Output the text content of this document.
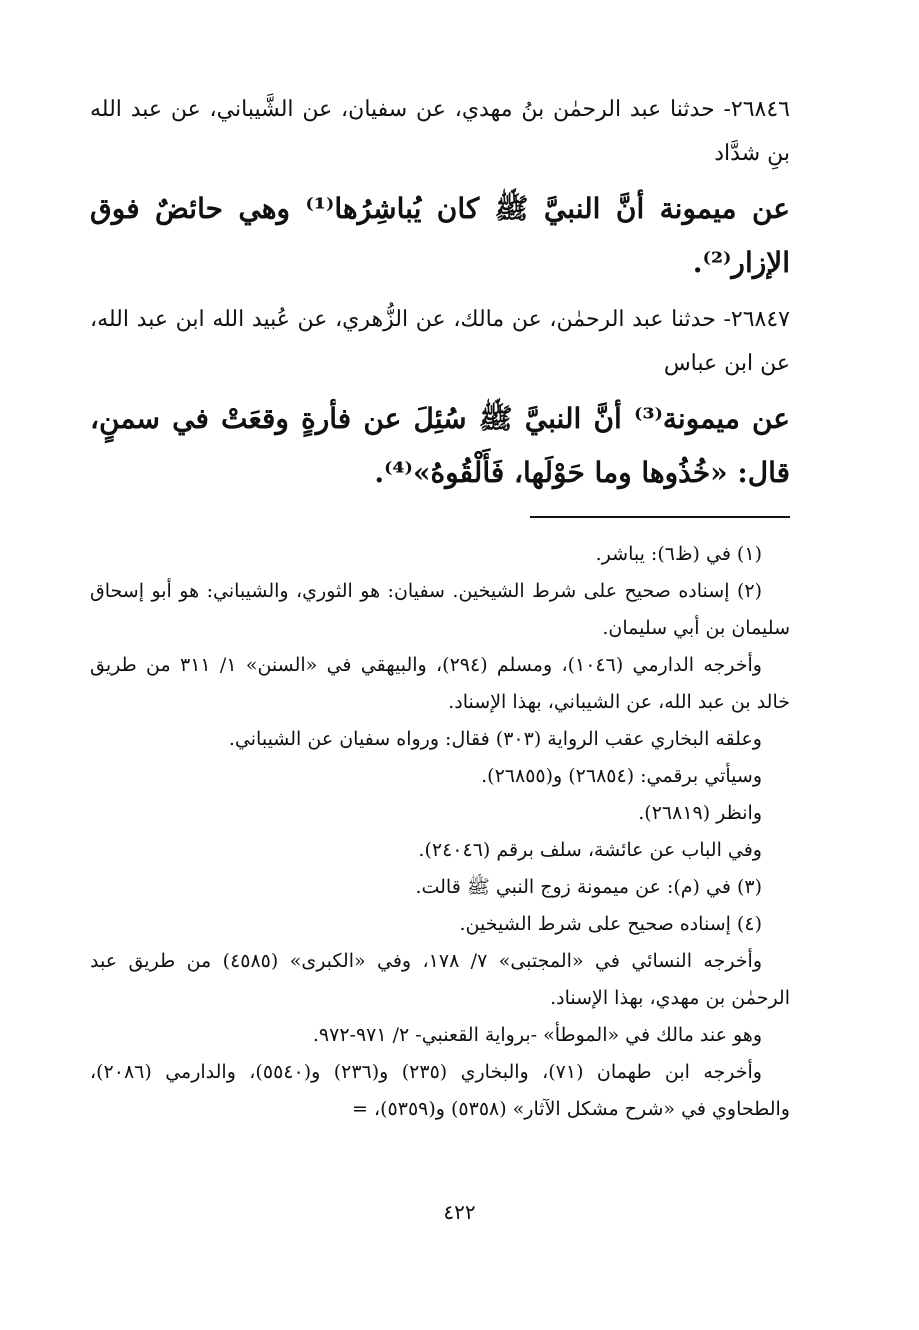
٢٦٨٤٦- حدثنا عبد الرحمٰن بنُ مهدي، عن سفيان، عن الشَّيباني، عن عبد الله بنِ شدَّاد

عن ميمونة أنَّ النبيَّ ﷺ كان يُباشِرُها⁽¹⁾ وهي حائضٌ فوق الإزار⁽²⁾.

٢٦٨٤٧- حدثنا عبد الرحمٰن، عن مالك، عن الزُّهري، عن عُبيد الله ابن عبد الله، عن ابن عباس

عن ميمونة⁽³⁾ أنَّ النبيَّ ﷺ سُئِلَ عن فأرةٍ وقعَتْ في سمنٍ، قال: «خُذُوها وما حَوْلَها، فَأَلْقُوهُ»⁽⁴⁾.

(١) في (ظ٦): يباشر.

(٢) إسناده صحيح على شرط الشيخين. سفيان: هو الثوري، والشيباني: هو أبو إسحاق سليمان بن أبي سليمان.

وأخرجه الدارمي (١٠٤٦)، ومسلم (٢٩٤)، والبيهقي في «السنن» ١/ ٣١١ من طريق خالد بن عبد الله، عن الشيباني، بهذا الإسناد.

وعلقه البخاري عقب الرواية (٣٠٣) فقال: ورواه سفيان عن الشيباني.

وسيأتي برقمي: (٢٦٨٥٤) و(٢٦٨٥٥).

وانظر (٢٦٨١٩).

وفي الباب عن عائشة، سلف برقم (٢٤٠٤٦).

(٣) في (م): عن ميمونة زوج النبي ﷺ قالت.

(٤) إسناده صحيح على شرط الشيخين.

وأخرجه النسائي في «المجتبى» ٧/ ١٧٨، وفي «الكبرى» (٤٥٨٥) من طريق عبد الرحمٰن بن مهدي، بهذا الإسناد.

وهو عند مالك في «الموطأ» -برواية القعنبي- ٢/ ٩٧١-٩٧٢.

وأخرجه ابن طهمان (٧١)، والبخاري (٢٣٥) و(٢٣٦) و(٥٥٤٠)، والدارمي (٢٠٨٦)، والطحاوي في «شرح مشكل الآثار» (٥٣٥٨) و(٥٣٥٩)، =

٤٢٢
